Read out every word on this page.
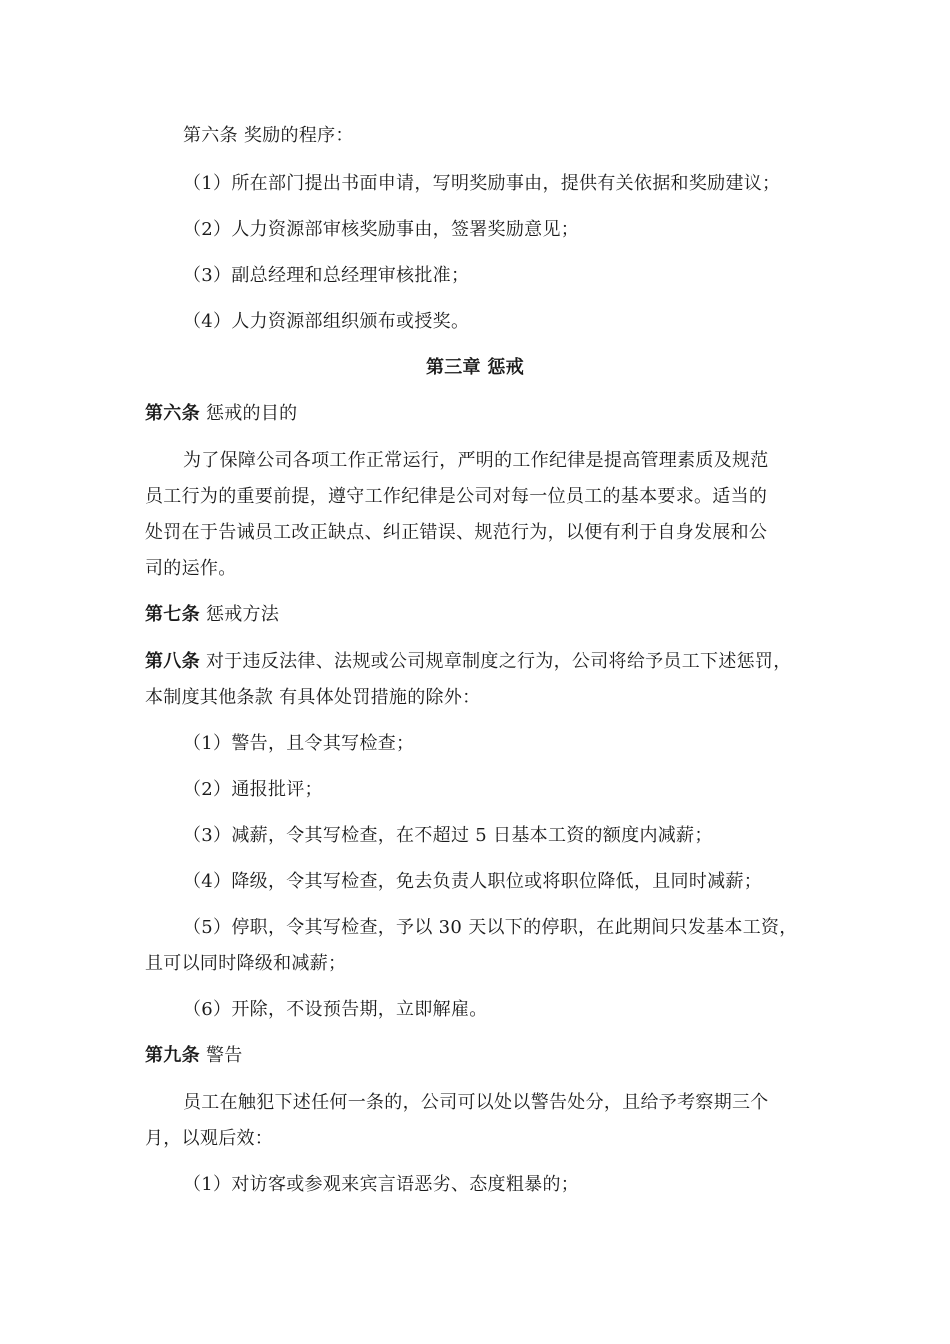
第六条 奖励的程序：
（1）所在部门提出书面申请，写明奖励事由，提供有关依据和奖励建议；
（2）人力资源部审核奖励事由，签署奖励意见；
（3）副总经理和总经理审核批准；
（4）人力资源部组织颁布或授奖。
第三章 惩戒
第六条 惩戒的目的
为了保障公司各项工作正常运行，严明的工作纪律是提高管理素质及规范
员工行为的重要前提，遵守工作纪律是公司对每一位员工的基本要求。适当的
处罚在于告诫员工改正缺点、纠正错误、规范行为，以便有利于自身发展和公
司的运作。
第七条 惩戒方法
第八条 对于违反法律、法规或公司规章制度之行为，公司将给予员工下述惩罚，
本制度其他条款 有具体处罚措施的除外：
（1）警告，且令其写检查；
（2）通报批评；
（3）减薪，令其写检查，在不超过 5 日基本工资的额度内减薪；
（4）降级，令其写检查，免去负责人职位或将职位降低，且同时减薪；
（5）停职，令其写检查，予以 30 天以下的停职，在此期间只发基本工资，
且可以同时降级和减薪；
（6）开除，不设预告期，立即解雇。
第九条 警告
员工在触犯下述任何一条的，公司可以处以警告处分，且给予考察期三个
月，以观后效：
（1）对访客或参观来宾言语恶劣、态度粗暴的；
